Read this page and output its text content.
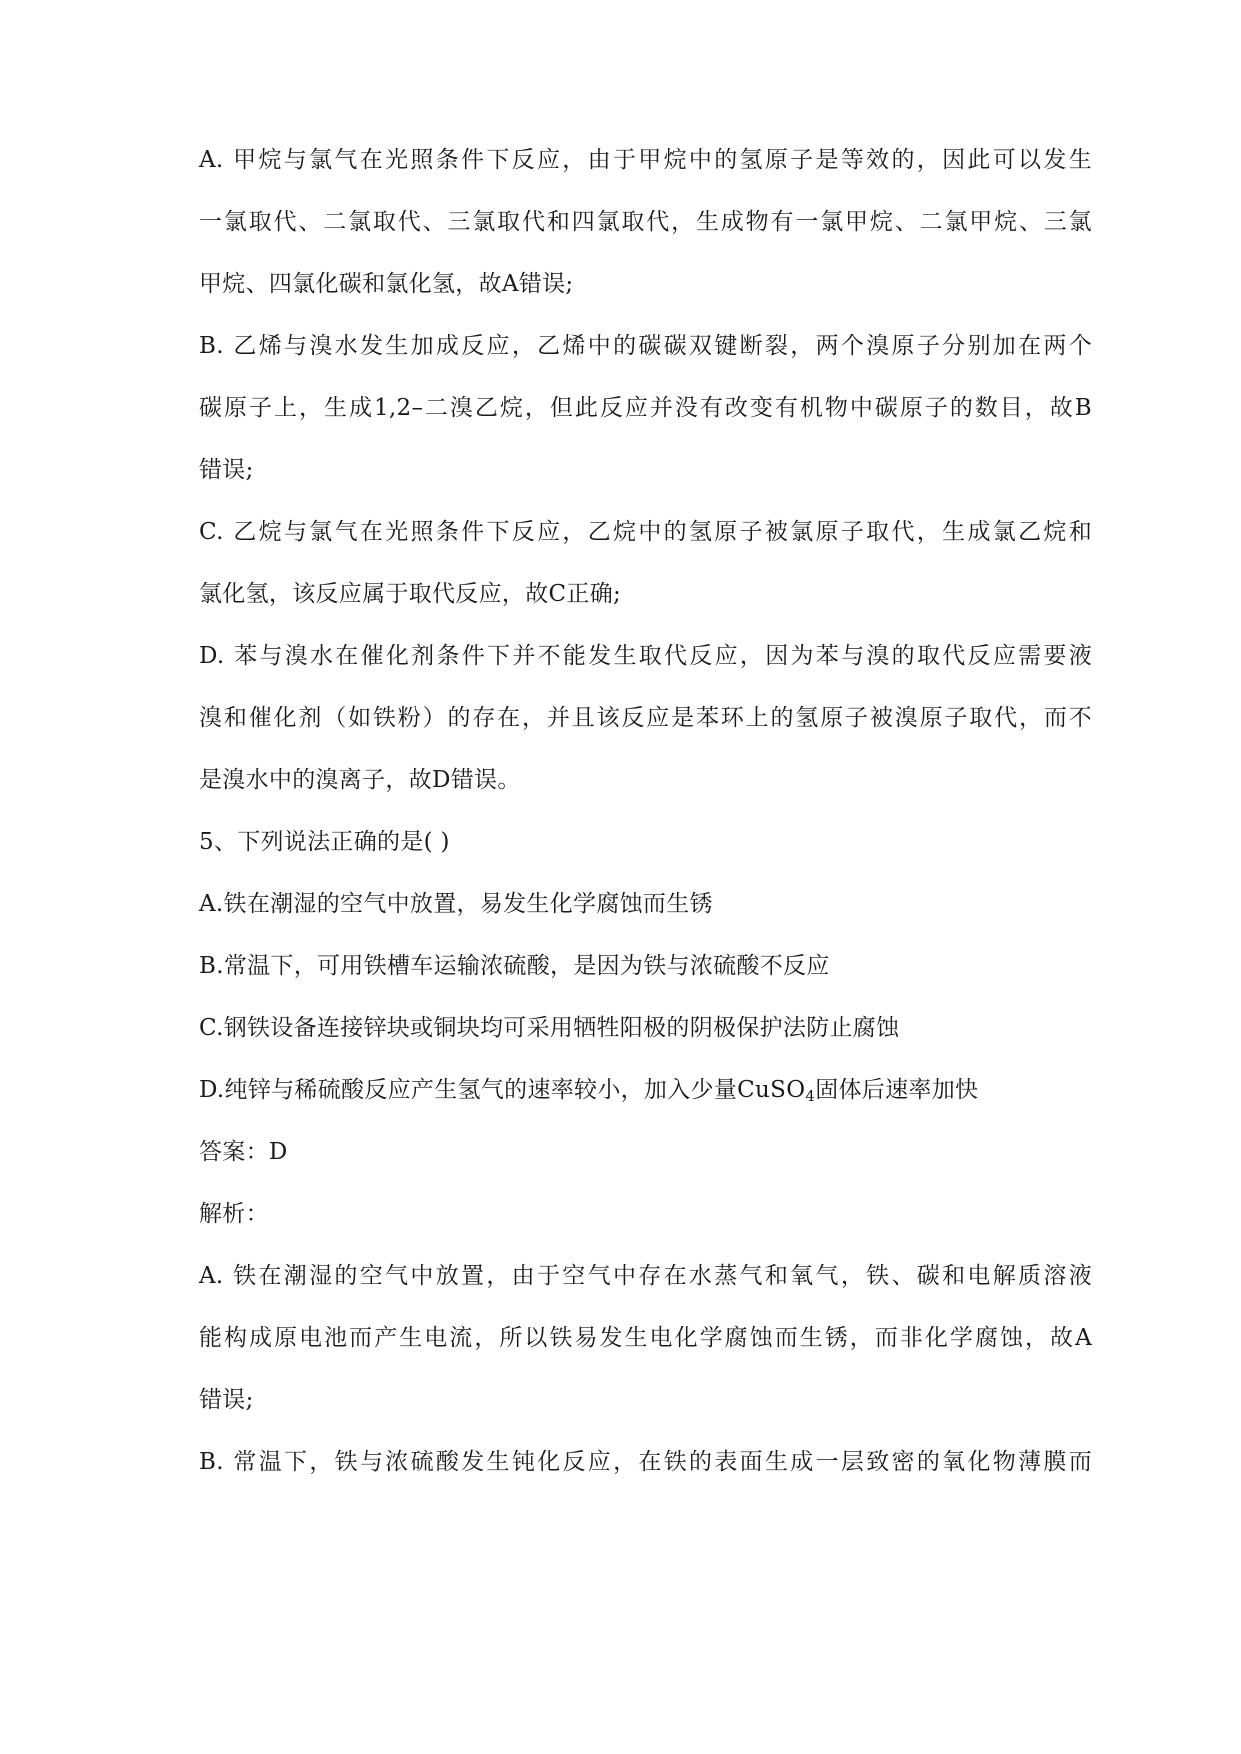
A. 甲烷与氯气在光照条件下反应，由于甲烷中的氢原子是等效的，因此可以发生
一氯取代、二氯取代、三氯取代和四氯取代，生成物有一氯甲烷、二氯甲烷、三氯
甲烷、四氯化碳和氯化氢，故A错误;
B. 乙烯与溴水发生加成反应，乙烯中的碳碳双键断裂，两个溴原子分别加在两个
碳原子上，生成1,2–二溴乙烷，但此反应并没有改变有机物中碳原子的数目，故B
错误;
C. 乙烷与氯气在光照条件下反应，乙烷中的氢原子被氯原子取代，生成氯乙烷和
氯化氢，该反应属于取代反应，故C正确;
D. 苯与溴水在催化剂条件下并不能发生取代反应，因为苯与溴的取代反应需要液
溴和催化剂（如铁粉）的存在，并且该反应是苯环上的氢原子被溴原子取代，而不
是溴水中的溴离子，故D错误。
5、下列说法正确的是( )
A.铁在潮湿的空气中放置，易发生化学腐蚀而生锈
B.常温下，可用铁槽车运输浓硫酸，是因为铁与浓硫酸不反应
C.钢铁设备连接锌块或铜块均可采用牺牲阳极的阴极保护法防止腐蚀
D.纯锌与稀硫酸反应产生氢气的速率较小，加入少量CuSO$_4$固体后速率加快
答案：D
解析：
A. 铁在潮湿的空气中放置，由于空气中存在水蒸气和氧气，铁、碳和电解质溶液
能构成原电池而产生电流，所以铁易发生电化学腐蚀而生锈，而非化学腐蚀，故A
错误;
B. 常温下，铁与浓硫酸发生钝化反应，在铁的表面生成一层致密的氧化物薄膜而
